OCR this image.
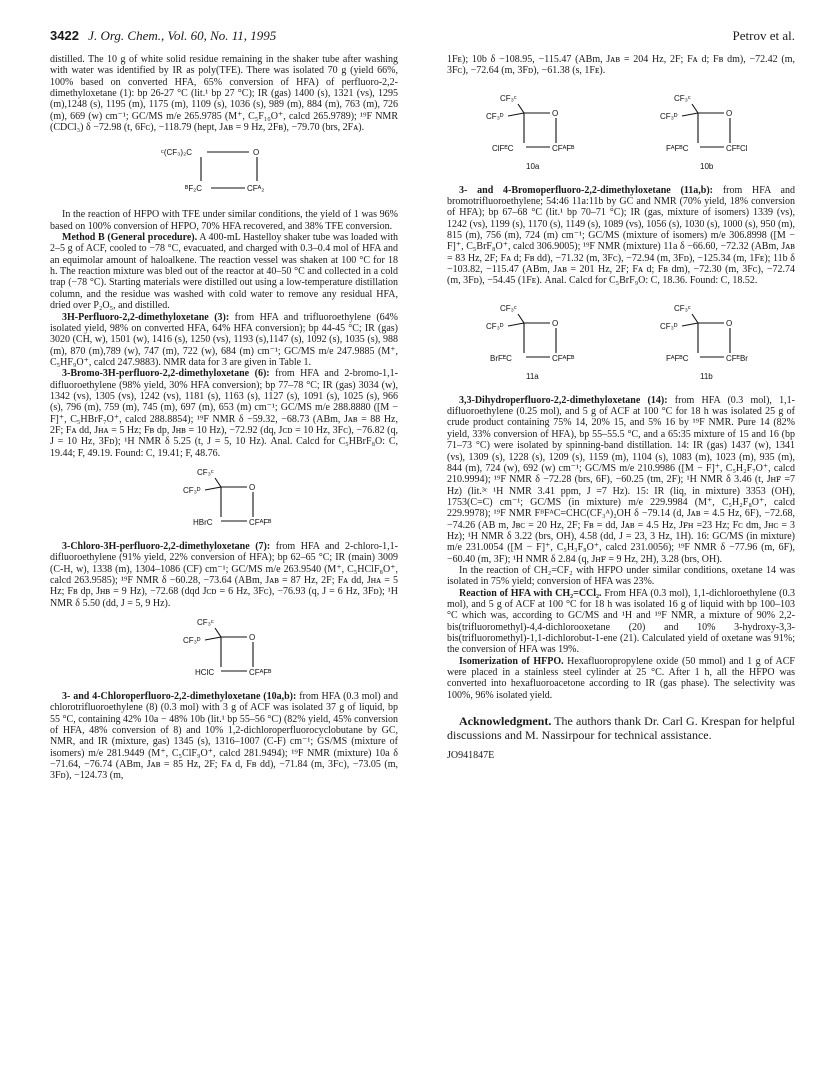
3422 J. Org. Chem., Vol. 60, No. 11, 1995	Petrov et al.

distilled. The 10 g of white solid residue remaining in the shaker tube after washing with water was identified by IR as poly(TFE). There was isolated 70 g (yield 66%, 100% based on converted HFA, 65% conversion of HFA) of perfluoro-2,2-dimethyloxetane (1): bp 26-27 °C (lit.¹ bp 27 °C); IR (gas) 1400 (s), 1321 (vs), 1295 (m),1248 (s), 1195 (m), 1175 (m), 1109 (s), 1036 (s), 989 (m), 884 (m), 763 (m), 726 (m), 669 (w) cm⁻¹; GC/MS m/e 265.9785 (M⁺, C₅F₁₀O⁺, calcd 265.9789); ¹⁹F NMR (CDCl₃) δ −72.98 (t, 6Fᴄ), −118.79 (hept, Jᴀʙ = 9 Hz, 2Fʙ), −79.70 (brs, 2Fᴀ).

ᶜ(CF₃)₂C	O
ᴮF₂C	CFᴬ₂

In the reaction of HFPO with TFE under similar conditions, the yield of 1 was 96% based on 100% conversion of HFPO, 70% HFA recovered, and 38% TFE conversion.

Method B (General procedure). A 400-mL Hastelloy shaker tube was loaded with 2–5 g of ACF, cooled to −78 °C, evacuated, and charged with 0.3–0.4 mol of HFA and an equimolar amount of haloalkene. The reaction vessel was shaken at 100 °C for 18 h. The reaction mixture was bled out of the reactor at 40–50 °C and collected in a cold trap (−78 °C). Starting materials were distilled out using a low-temperature distillation column, and the residue was washed with cold water to remove any residual HFA, dried over P₂O₅, and distilled.

3H-Perfluoro-2,2-dimethyloxetane (3): from HFA and trifluoroethylene (64% isolated yield, 98% on converted HFA, 64% HFA conversion); bp 44-45 °C; IR (gas) 3020 (CH, w), 1501 (w), 1416 (s), 1250 (vs), 1193 (s),1147 (s), 1092 (s), 1035 (s), 988 (m), 870 (m),789 (w), 747 (m), 722 (w), 684 (m) cm⁻¹; GC/MS m/e 247.9885 (M⁺, C₅HF₉O⁺, calcd 247.9883). NMR data for 3 are given in Table 1.

3-Bromo-3H-perfluoro-2,2-dimethyloxetane (6): from HFA and 2-bromo-1,1-difluoroethylene (98% yield, 30% HFA conversion); bp 77–78 °C; IR (gas) 3034 (w), 1342 (vs), 1305 (vs), 1242 (vs), 1181 (s), 1163 (s), 1127 (s), 1091 (s), 1025 (s), 966 (s), 796 (m), 759 (m), 745 (m), 697 (m), 653 (m) cm⁻¹; GC/MS m/e 288.8880 ([M − F]⁺, C₅HBrF₇O⁺, calcd 288.8854); ¹⁹F NMR δ −59.32, −68.73 (ABm, Jᴀʙ = 88 Hz, 2F; Fᴀ dd, Jʜᴀ = 5 Hz; Fʙ dp, Jʜʙ = 10 Hz), −72.92 (dq, Jᴄᴅ = 10 Hz, 3Fᴄ), −76.82 (q, J = 10 Hz, 3Fᴅ); ¹H NMR δ 5.25 (t, J = 5, 10 Hz). Anal. Calcd for C₅HBrF₈O: C, 19.44; F, 49.19. Found: C, 19.41; F, 48.76.

CF₃ᶜ
CF₃ᴰ	O
HBrC	CFᴬFᴮ

3-Chloro-3H-perfluoro-2,2-dimethyloxetane (7): from HFA and 2-chloro-1,1-difluoroethylene (91% yield, 22% conversion of HFA); bp 62–65 °C; IR (main) 3009 (C-H, w), 1338 (m), 1304–1086 (CF) cm⁻¹; GC/MS m/e 263.9540 (M⁺, C₅HClF₈O⁺, calcd 263.9585); ¹⁹F NMR δ −60.28, −73.64 (ABm, Jᴀʙ = 87 Hz, 2F; Fᴀ dd, Jʜᴀ = 5 Hz; Fʙ dp, Jʜʙ = 9 Hz), −72.68 (dqd Jᴄᴅ = 6 Hz, 3Fᴄ), −76.93 (q, J = 6 Hz, 3Fᴅ); ¹H NMR δ 5.50 (dd, J = 5, 9 Hz).

CF₃ᶜ
CF₃ᴰ	O
HClC	CFᴬFᴮ

3- and 4-Chloroperfluoro-2,2-dimethyloxetane (10a,b): from HFA (0.3 mol) and chlorotrifluoroethylene (8) (0.3 mol) with 3 g of ACF was isolated 37 g of liquid, bp 55 °C, containing 42% 10a − 48% 10b (lit.¹ bp 55–56 °C) (82% yield, 45% conversion of HFA, 48% conversion of 8) and 10% 1,2-dichloroperfluorocyclobutane by GC, NMR, and IR (mixture, gas) 1345 (s), 1316–1007 (C-F) cm⁻¹; GS/MS (mixture of isomers) m/e 281.9449 (M⁺, C₅ClF₉O⁺, calcd 281.9494); ¹⁹F NMR (mixture) 10a δ −71.64, −76.74 (ABm, Jᴀʙ = 85 Hz, 2F; Fᴀ d, Fʙ dd), −71.84 (m, 3Fᴄ), −73.05 (m, 3Fᴅ), −124.73 (m,

1Fᴇ); 10b δ −108.95, −115.47 (ABm, Jᴀʙ = 204 Hz, 2F; Fᴀ d; Fʙ dm), −72.42 (m, 3Fᴄ), −72.64 (m, 3Fᴅ), −61.38 (s, 1Fᴇ).

CF₃ᶜ
CF₃ᴰ	O
ClFᴱC	CFᴬFᴮ
10a
CF₃ᶜ
CF₃ᴰ	O
FᴬFᴮC	CFᴱCl
10b

3- and 4-Bromoperfluoro-2,2-dimethyloxetane (11a,b): from HFA and bromotrifluoroethylene; 54:46 11a:11b by GC and NMR (70% yield, 18% conversion of HFA); bp 67–68 °C (lit.¹ bp 70–71 °C); IR (gas, mixture of isomers) 1339 (vs), 1242 (vs), 1199 (s), 1170 (s), 1149 (s), 1089 (vs), 1056 (s), 1030 (s), 1000 (s), 950 (m), 815 (m), 756 (m), 724 (m) cm⁻¹; GC/MS (mixture of isomers) m/e 306.8998 ([M − F]⁺, C₅BrF₈O⁺, calcd 306.9005); ¹⁹F NMR (mixture) 11a δ −66.60, −72.32 (ABm, Jᴀʙ = 83 Hz, 2F; Fᴀ d; Fʙ dd), −71.32 (m, 3Fᴄ), −72.94 (m, 3Fᴅ), −125.34 (m, 1Fᴇ); 11b δ −103.82, −115.47 (ABm, Jᴀʙ = 201 Hz, 2F; Fᴀ d; Fʙ dm), −72.30 (m, 3Fᴄ), −72.74 (m, 3Fᴅ), −54.45 (1Fᴇ). Anal. Calcd for C₅BrF₉O: C, 18.36. Found: C, 18.52.

CF₃ᶜ
CF₃ᴰ	O
BrFᴱC	CFᴬFᴮ
11a
CF₃ᶜ
CF₃ᴰ	O
FᴬFᴮC	CFᴱBr
11b

3,3-Dihydroperfluoro-2,2-dimethyloxetane (14): from HFA (0.3 mol), 1,1-difluoroethylene (0.25 mol), and 5 g of ACF at 100 °C for 18 h was isolated 25 g of crude product containing 75% 14, 20% 15, and 5% 16 by ¹⁹F NMR. Pure 14 (82% yield, 33% conversion of HFA), bp 55–55.5 °C, and a 65:35 mixture of 15 and 16 (bp 71–73 °C) were isolated by spinning-band distillation. 14: IR (gas) 1437 (w), 1341 (vs), 1309 (s), 1228 (s), 1209 (s), 1159 (m), 1104 (s), 1083 (m), 1023 (m), 935 (m), 844 (m), 724 (w), 692 (w) cm⁻¹; GC/MS m/e 210.9986 ([M − F]⁺, C₅H₂F₇O⁺, calcd 210.9994); ¹⁹F NMR δ −72.28 (brs, 6F), −60.25 (tm, 2F); ¹H NMR δ 3.46 (t, Jʜꜰ =7 Hz) (lit.³ᶜ ¹H NMR 3.41 ppm, J =7 Hz). 15: IR (liq, in mixture) 3353 (OH), 1753(C=C) cm⁻¹; GC/MS (in mixture) m/e 229.9984 (M⁺, C₅H₂F₈O⁺, calcd 229.9978); ¹⁹F NMR FᴮFᴬC=CHC(CF₃ᴬ)₂OH δ −79.14 (d, Jᴀʙ = 4.5 Hz, 6F), −72.68, −74.26 (AB m, Jʙᴄ = 20 Hz, 2F; Fʙ = dd, Jᴀʙ = 4.5 Hz, Jꜰʜ =23 Hz; Fᴄ dm, Jʜᴄ = 3 Hz); ¹H NMR δ 3.22 (brs, OH), 4.58 (dd, J = 23, 3 Hz, 1H). 16: GC/MS (in mixture) m/e 231.0054 ([M − F]⁺, C₅H₃F₈O⁺, calcd 231.0056); ¹⁹F NMR δ −77.96 (m, 6F), −60.40 (m, 3F); ¹H NMR δ 2.84 (q, Jʜꜰ = 9 Hz, 2H), 3.28 (brs, OH).

In the reaction of CH₂=CF₂ with HFPO under similar conditions, oxetane 14 was isolated in 75% yield; conversion of HFA was 23%.

Reaction of HFA with CH₂=CCl₂. From HFA (0.3 mol), 1,1-dichloroethylene (0.3 mol), and 5 g of ACF at 100 °C for 18 h was isolated 16 g of liquid with bp 100–103 °C which was, according to GC/MS and ¹H and ¹⁹F NMR, a mixture of 90% 2,2-bis(trifluoromethyl)-4,4-dichlorooxetane (20) and 10% 3-hydroxy-3,3-bis(trifluoromethyl)-1,1-dichlorobut-1-ene (21). Calculated yield of oxetane was 91%; the conversion of HFA was 19%.

Isomerization of HFPO. Hexafluoropropylene oxide (50 mmol) and 1 g of ACF were placed in a stainless steel cylinder at 25 °C. After 1 h, all the HFPO was converted into hexafluoroacetone according to IR (gas phase). The selectivity was 100%, 96% isolated yield.

Acknowledgment. The authors thank Dr. Carl G. Krespan for helpful discussions and M. Nassirpour for technical assistance.

JO941847E
